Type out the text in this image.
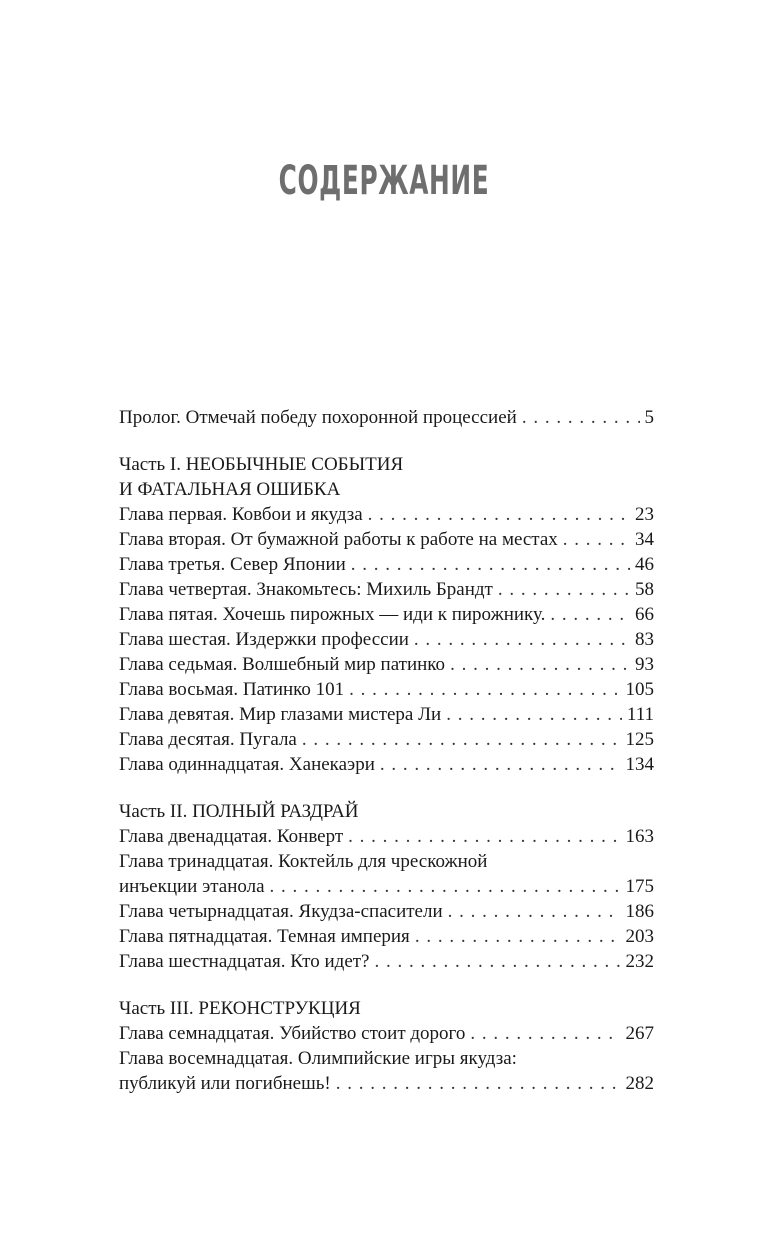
СОДЕРЖАНИЕ
Пролог. Отмечай победу похоронной процессией . . .	5
Часть I. НЕОБЫЧНЫЕ СОБЫТИЯ
И ФАТАЛЬНАЯ ОШИБКА
Глава первая. Ковбои и якудза . . .	23
Глава вторая. От бумажной работы к работе на местах . . .	34
Глава третья. Север Японии . . .	46
Глава четвертая. Знакомьтесь: Михиль Брандт . . .	58
Глава пятая. Хочешь пирожных — иди к пирожнику. . . .	66
Глава шестая. Издержки профессии . . .	83
Глава седьмая. Волшебный мир патинко . . .	93
Глава восьмая. Патинко 101 . . .	105
Глава девятая. Мир глазами мистера Ли . . .	111
Глава десятая. Пугала . . .	125
Глава одиннадцатая. Ханекаэри . . .	134
Часть II. ПОЛНЫЙ РАЗДРАЙ
Глава двенадцатая. Конверт . . .	163
Глава тринадцатая. Коктейль для чрескожной
инъекции этанола . . .	175
Глава четырнадцатая. Якудза-спасители . . .	186
Глава пятнадцатая. Темная империя . . .	203
Глава шестнадцатая. Кто идет? . . .	232
Часть III. РЕКОНСТРУКЦИЯ
Глава семнадцатая. Убийство стоит дорого . . .	267
Глава восемнадцатая. Олимпийские игры якудза:
публикуй или погибнешь! . . .	282
